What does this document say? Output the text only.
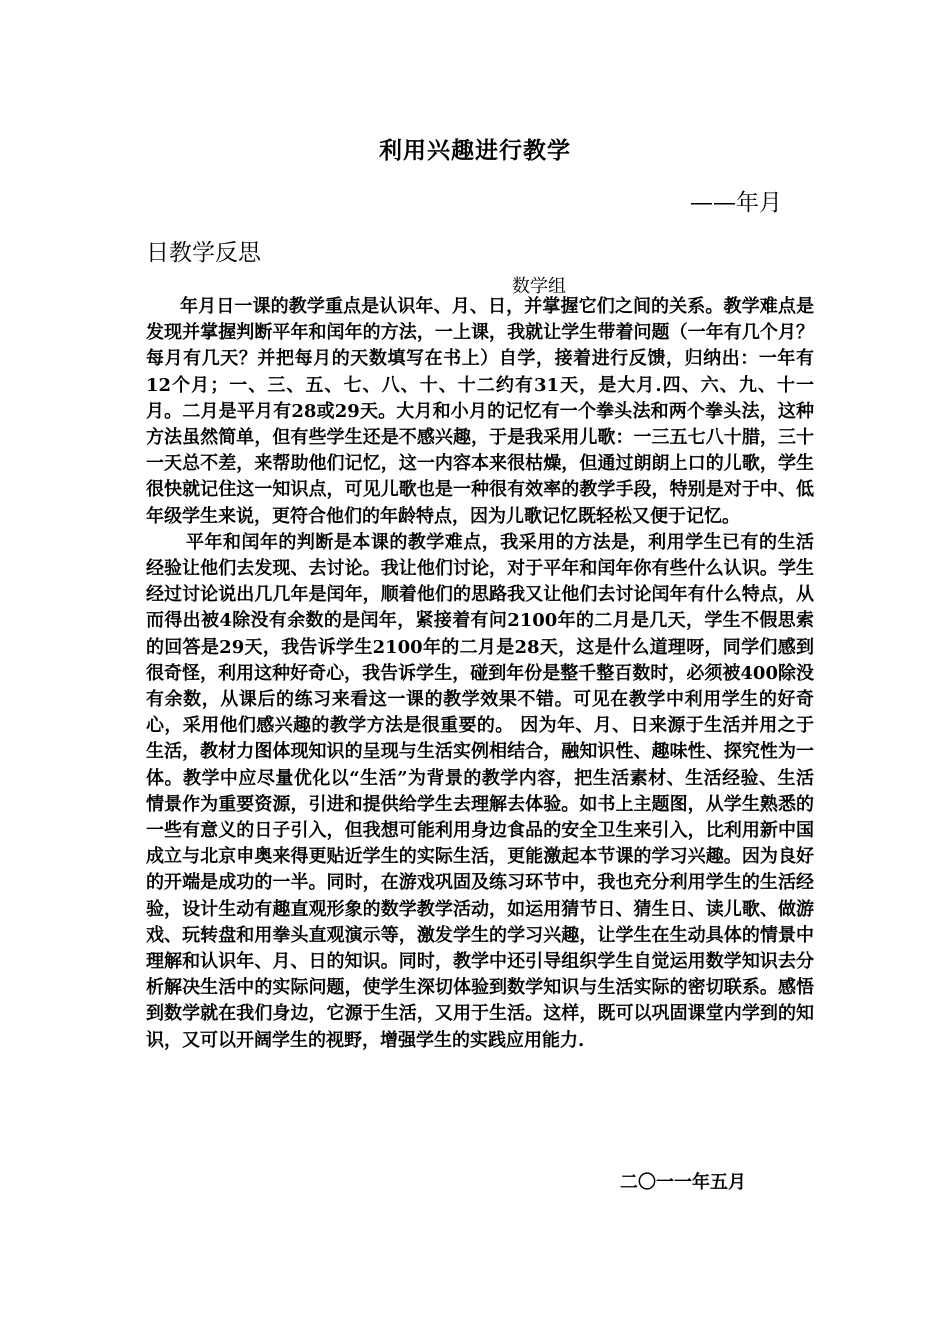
利用兴趣进行教学
——年月
日教学反思
数学组

年月日一课的教学重点是认识年、月、日，并掌握它们之间的关系。教学难点是发现并掌握判断平年和闰年的方法，一上课，我就让学生带着问题（一年有几个月？每月有几天？并把每月的天数填写在书上）自学，接着进行反馈，归纳出：一年有12个月；一、三、五、七、八、十、十二约有31天，是大月.四、六、九、十一月。二月是平月有28或29天。大月和小月的记忆有一个拳头法和两个拳头法，这种方法虽然简单，但有些学生还是不感兴趣，于是我采用儿歌：一三五七八十腊，三十一天总不差，来帮助他们记忆，这一内容本来很枯燥，但通过朗朗上口的儿歌，学生很快就记住这一知识点，可见儿歌也是一种很有效率的教学手段，特别是对于中、低年级学生来说，更符合他们的年龄特点，因为儿歌记忆既轻松又便于记忆。

平年和闰年的判断是本课的教学难点，我采用的方法是，利用学生已有的生活经验让他们去发现、去讨论。我让他们讨论，对于平年和闰年你有些什么认识。学生经过讨论说出几几年是闰年，顺着他们的思路我又让他们去讨论闰年有什么特点，从而得出被4除没有余数的是闰年，紧接着有问2100年的二月是几天，学生不假思索的回答是29天，我告诉学生2100年的二月是28天，这是什么道理呀，同学们感到很奇怪，利用这种好奇心，我告诉学生，碰到年份是整千整百数时，必须被400除没有余数，从课后的练习来看这一课的教学效果不错。可见在教学中利用学生的好奇心，采用他们感兴趣的教学方法是很重要的。 因为年、月、日来源于生活并用之于生活，教材力图体现知识的呈现与生活实例相结合，融知识性、趣味性、探究性为一体。教学中应尽量优化以“生活”为背景的教学内容，把生活素材、生活经验、生活情景作为重要资源，引进和提供给学生去理解去体验。如书上主题图，从学生熟悉的一些有意义的日子引入，但我想可能利用身边食品的安全卫生来引入，比利用新中国成立与北京申奥来得更贴近学生的实际生活，更能激起本节课的学习兴趣。因为良好的开端是成功的一半。同时，在游戏巩固及练习环节中，我也充分利用学生的生活经验，设计生动有趣直观形象的数学教学活动，如运用猜节日、猜生日、读儿歌、做游戏、玩转盘和用拳头直观演示等，激发学生的学习兴趣，让学生在生动具体的情景中理解和认识年、月、日的知识。同时，教学中还引导组织学生自觉运用数学知识去分析解决生活中的实际问题，使学生深切体验到数学知识与生活实际的密切联系。感悟到数学就在我们身边，它源于生活，又用于生活。这样，既可以巩固课堂内学到的知识，又可以开阔学生的视野，增强学生的实践应用能力.

二〇一一年五月
